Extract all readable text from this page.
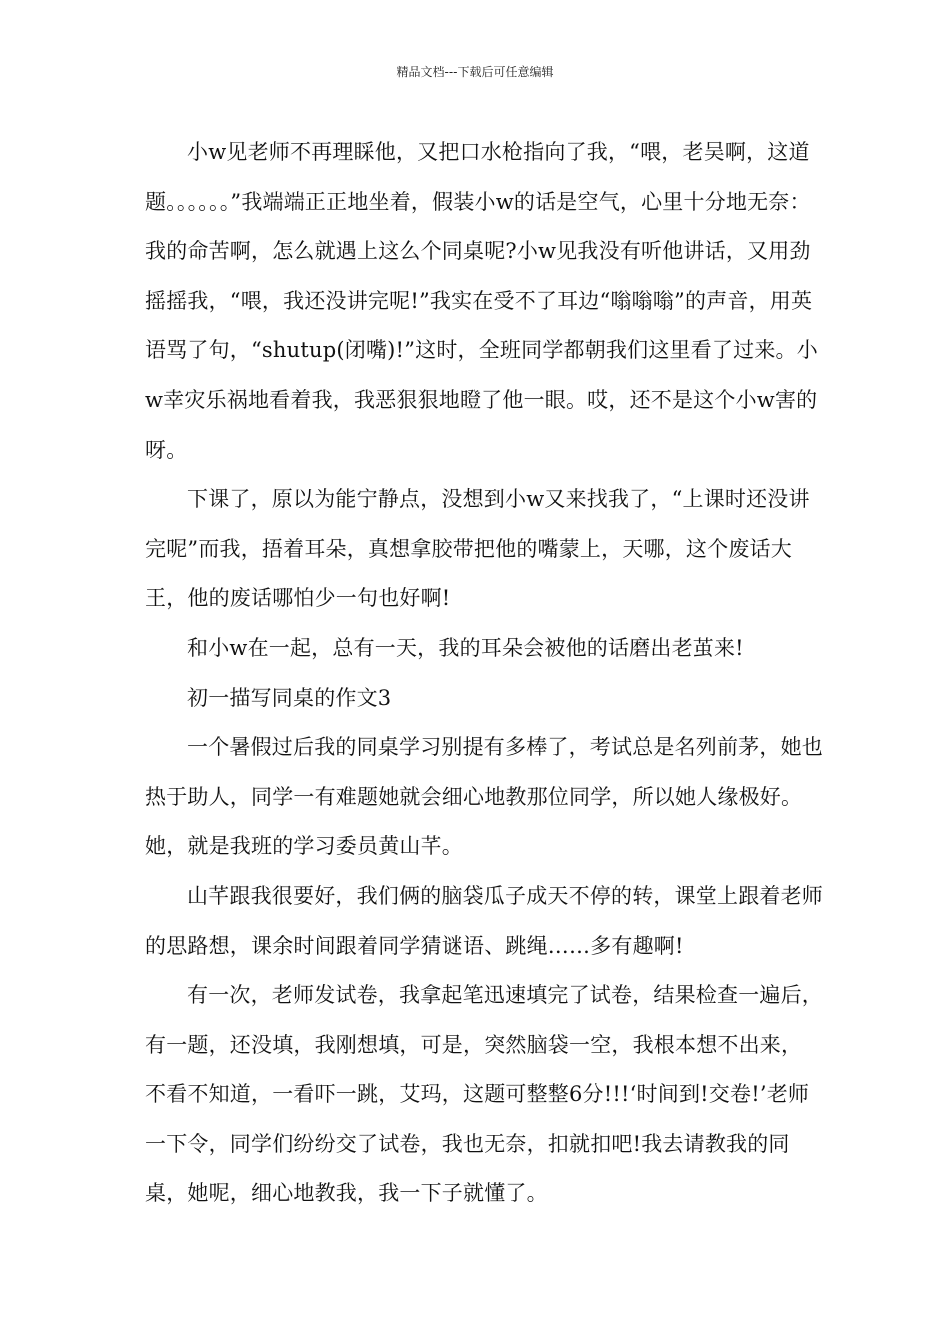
精品文档---下载后可任意编辑

小w见老师不再理睬他，又把口水枪指向了我，“喂，老吴啊，这道题。。。。。。”我端端正正地坐着，假装小w的话是空气，心里十分地无奈：我的命苦啊，怎么就遇上这么个同桌呢?小w见我没有听他讲话，又用劲摇摇我，“喂，我还没讲完呢!”我实在受不了耳边“嗡嗡嗡”的声音，用英语骂了句，“shutup(闭嘴)!”这时，全班同学都朝我们这里看了过来。小w幸灾乐祸地看着我，我恶狠狠地瞪了他一眼。哎，还不是这个小w害的呀。

下课了，原以为能宁静点，没想到小w又来找我了，“上课时还没讲完呢”而我，捂着耳朵，真想拿胶带把他的嘴蒙上，天哪，这个废话大王，他的废话哪怕少一句也好啊!

和小w在一起，总有一天，我的耳朵会被他的话磨出老茧来!

初一描写同桌的作文3

一个暑假过后我的同桌学习别提有多棒了，考试总是名列前茅，她也热于助人，同学一有难题她就会细心地教那位同学，所以她人缘极好。她，就是我班的学习委员黄山芊。

山芊跟我很要好，我们俩的脑袋瓜子成天不停的转，课堂上跟着老师的思路想，课余时间跟着同学猜谜语、跳绳……多有趣啊!

有一次，老师发试卷，我拿起笔迅速填完了试卷，结果检查一遍后，有一题，还没填，我刚想填，可是，突然脑袋一空，我根本想不出来，不看不知道，一看吓一跳，艾玛，这题可整整6分!!!‘时间到!交卷!’老师一下令，同学们纷纷交了试卷，我也无奈，扣就扣吧!我去请教我的同桌，她呢，细心地教我，我一下子就懂了。
